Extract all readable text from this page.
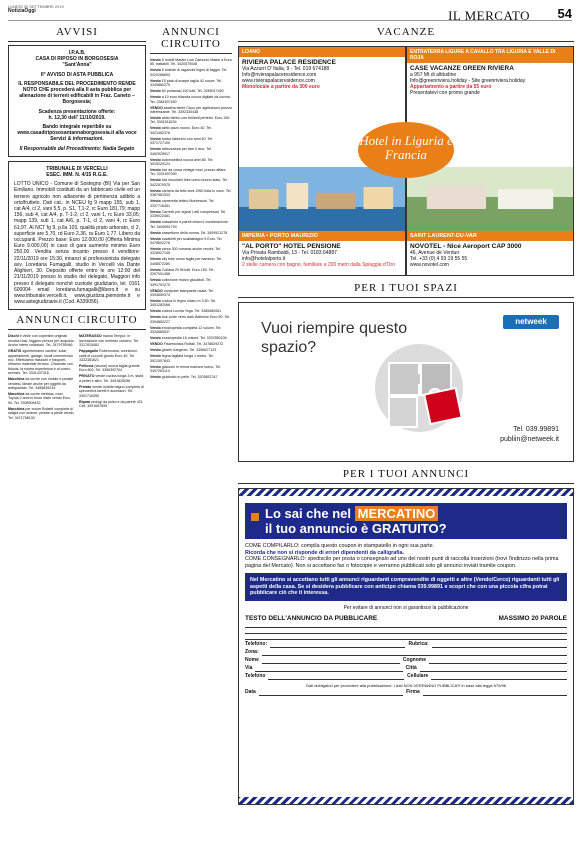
LUNEDÌ 30 SETTEMBRE 2019
NotiziaOggi	IL MERCATO 54
AVVISI
I.P.A.B.
CASA DI RIPOSO IN BORGOSESIA
"Sant'Anna"
II° AVVISO DI ASTA PUBBLICA
IL RESPONSABILE DEL PROCEDIMENTO RENDE NOTO CHE procederà alla II asta pubblica per alienazione di terreni edificabili in Fraz. Caneto – Borgosesia;
Scadenza presentazione offerte:
h. 12,30 dell' 11/10/2019.
Bando integrale reperibile su www.casadiripososantannaborgosesia.it alla voce Servizi & informazioni.
Il Responsabile del Procedimento: Nadia Segato
TRIBUNALE DI VERCELLI
ESEC. IMM. N. 4/15 R.G.E.
LOTTO UNICO - Comune di Sostegno (BI) Via per San Emiliano. Immobili costituiti da un fabbricato civile ed un terreno agricolo non adiacente di pertinenza adibito a orto/frutteto. Dati cat.: in NCEU fg 9 mapp 155, sub 1, cat A/4, cl 2, vani 5,5, p. S1, T,1-2, rc Euro 181,79; mapp 156, sub 4, cat A/4, p. T-1-2, cl 2, vani 1, rc Euro 33,05; mapp 139, sub 1, cat A/6, p. T-1, cl 2, vani 4, rc Euro 61,97. Al NCT fg 9, p.lla 103, qualità prato arborato, cl 2, superficie are 5,70, rd Euro 2,36, ra Euro 1,77. Libero da occupanti. Prezzo base: Euro 12.000,00 (Offerta Minima Euro 9.000,00) in caso di gara aumento minimo Euro 250,00. Vendita senza incanto presso il venditore: 22/11/2019 ore 15:30, innanzi al professionista delegato avv. Loredana Fumagalli, studio in Vercelli via Dante Alighieri, 30. Deposito offerte entro le ore 12:00 del 21/11/2019 presso lo studio del delegato. Maggiori info presso il delegato nonché custode giudiziario, tel. 0161 600004 email loredana.fumagalli@libero.it e su www.tribunale.vercelli.it, www.giustizia.piemonte.it e www.astegiudiziarie.it (Cod. A339056).
ANNUNCI CIRCUITO

Dischi e vinile con copertine originali musica rock- leggero prezzo per acquisto. Anche intere collezioni. Tel. 3479755946

GRATIS sgomberiamo cantine, solai, appartamenti, garage, locali commerciali ecc. Effettuiamo traslochi e trasporti, ritiriamo materiale ferroso. Chiamate con fiducia, la nostra esperienza è al vostro servizio. Tel. 3331447316

Macchina da cucire con mobile e pedale vendesi, ideale anche per oggetti da antiquariato. Tel. 3485839234

Macchina da cucire elettrica, mod. Toyota 2 anni in buon stato vendo Euro 50. Tel. 3398905432

Macchina per cucire Bobetti completa di valigia con motore, pedale a piede vendo. Tel. 3471798130

MATERASSO marca Tempur, in lavorazione con morbido cuscino. Tel. 3317815482

Pappagallo Roberovana, connilsoni, caldi di cuccioli giunto Euro 40. Tel. 3332381621

Pelliccia (visone) nuova taglia grande Euro 600. Tel. 3396392704

PRIVATO vende cucina lunga 3 m, stufa a pellet e altro. Tel. 3491825056

Privato vende mobile bagno completo di specchiera faretti e accessori. Tel. 3391716390

Ripara orologi da polso e da parete 421 Cell. 3391687690

ANNUNCI CIRCUITO

Vendo 5 mobili Master Low Carbonio Mattei a Euro 80, trattabili. Tel. 3420570046

Vendo 5 scatole di ragazzini legno di faggio. Tel. 3420268693

Vendo 15 paia di scarpe taglia 42 nuove. Tel. 3349860279

Vendo 60 portavasi 100 tutti. Tel. 3289017450

Vendo a 10 euro bilancia nuova digitale da cucina. Tel. 3381637450

VENDO abatina bimbi Cicco per agriturismo prezzo interessante. Tel. 3392330438

Vendo abito bimbo con brillanti perfetto. Euro 150. Tel. 3391516234

Vendo abito pizzo nuovo. Euro 40. Tel. 3421462376

Vendo antico fabbricio con anni 40. Tel. 3371727100

Vendo attrezzatura per fare il vino. Tel. 3492025917

Vendo automobilina nuova anni 80. Tel. 3919229124

Vendo bici da corsa vintage mod. prezzo affare. Tel. 3331597090

Vendo bici mountain bike uomo buono stato. Tel. 3422570575

Vendo camera da letto anni 1950 tutta in noce. Tel. 3387561533

Vendo cameretta lettino Montessori. Tel. 3337716451

Vendo Carrello per legna! Letti compensati. Tel. 3339022481

Vendo cassaforte a pareti chiavi e combinazione. Tel. 3408951793

Vendo cassettone della nonna. Tel. 3409521278

Vendo cavalletti per scaldabagno 5 Euro. Tel. 3478802278

Vendo cerca 300 romanzi anche vecchi. Tel. 3328927145

Vendo city bike uomo taglia per bamboo. Tel. 3408572280

Vendo Collana 20 fili tutti. Euro 150. Tel. 3207001458

Vendo collezione marzo giocattoli. Tel. 3391701270

VENDO computer stampante usata. Tel. 3394659374

Vendo cucina in legno chiaro m 3,50. Tel. 3451282068

Vendo cucina Lucina Yoga. Tel. 3385460061

Vendo due porte vetro dark Ballerine Euro 50. Tel. 3394850227

Vendo enciclopedia completa 12 volumi. Tel. 3334665537

Vendo enciclopedia 16 volumi. Tel. 3337850106

VENDO Fisarmonica Rutfak. Tel. 3478629272

Vendo gioielli d'argento. Tel. 3396627123

Vendo legna tagliata lunga 1 metro. Tel. 3921507843

Vendo giacconi in renna marrone uomo. Tel. 3497263114

Vendo giubbotto in pelle. Tel. 3203657247

VACANZE
LOANO
RIVIERA PALACE RESIDENCE
Via Azzurri D' Italia, 9 - Tel. 019 674188
Info@rivierapalaceresidence.com
www.rivierapalaceresidence.com
Monolocale a partire da 300 euro
IMPERIA • PORTO MAURIZIO
"AL PORTO" HOTEL PENSIONE
Via Privata Rambaldi, 13 - Tel. 0183.64887
info@hotelalporto.it
2 stelle camera con bagno, familiare a 200 metri dalla Spiaggia d'Oro
Hotel in Liguria e Francia
ENTRATERRA LIGURE A CAVALLO TRA LIGURIA E VALLE DI ROJA
CASE VACANZE GREEN RIVIERA
a 957 Mt di altitudine
Info@greenriviera.holiday - Site greenriviera.holiday
Appartamento a partire da 55 euro
Presentatevi con promo grande
SAINT LAURENT-DU-VAR
NOVOTEL - Nice Aeroport CAP 3000
46, Avenue de Verdun
Tel. +33 (0) 4 93 19 55 55
www.novotel.com
PER I TUOI SPAZI
Vuoi riempire questo spazio?
netweek
Tel. 039.99891
publiin@netweek.it
PER I TUOI ANNUNCI
Lo sai che nel MERCATINO
il tuo annuncio è GRATUITO?
COME COMPILARLO: compila questo coupon in stampatello in ogni sua parte.
Ricorda che non si risponde di errori dipendenti da calligrafia.
COME CONSEGNARLO: spediscilo per posta o consegnalo ad uno dei nostri punti di raccolta inserzioni (trovi l'indirizzo nella prima pagina del Mercato). Non si accettano fax o fotocopie e verranno pubblicati solo gli annunci inviati tramite coupon.
Nel Mercatino si accettano tutti gli annunci riguardanti compravendite di oggetti e altre (Vendo/Cerco) riguardanti tutti gli aspetti della casa. Se si desidera pubblicare con anticipo chiama 039.99891 e scopri che con una piccola cifra potrai pubblicare ciò che ti interessa.
Per evitare di annunci non si garantisce la pubblicazione
TESTO DELL'ANNUNCIO DA PUBBLICARE	MASSIMO 20 PAROLE
Telefono:	Rubrica:
Zona:
Nome	Cognome
Via	Città
Telefono	Cellulare
Dati obbligatori per procedere alla pubblicazione. I dati NON VERRANNO PUBBLICATI in base alla legge 675/96
Data	Firma
